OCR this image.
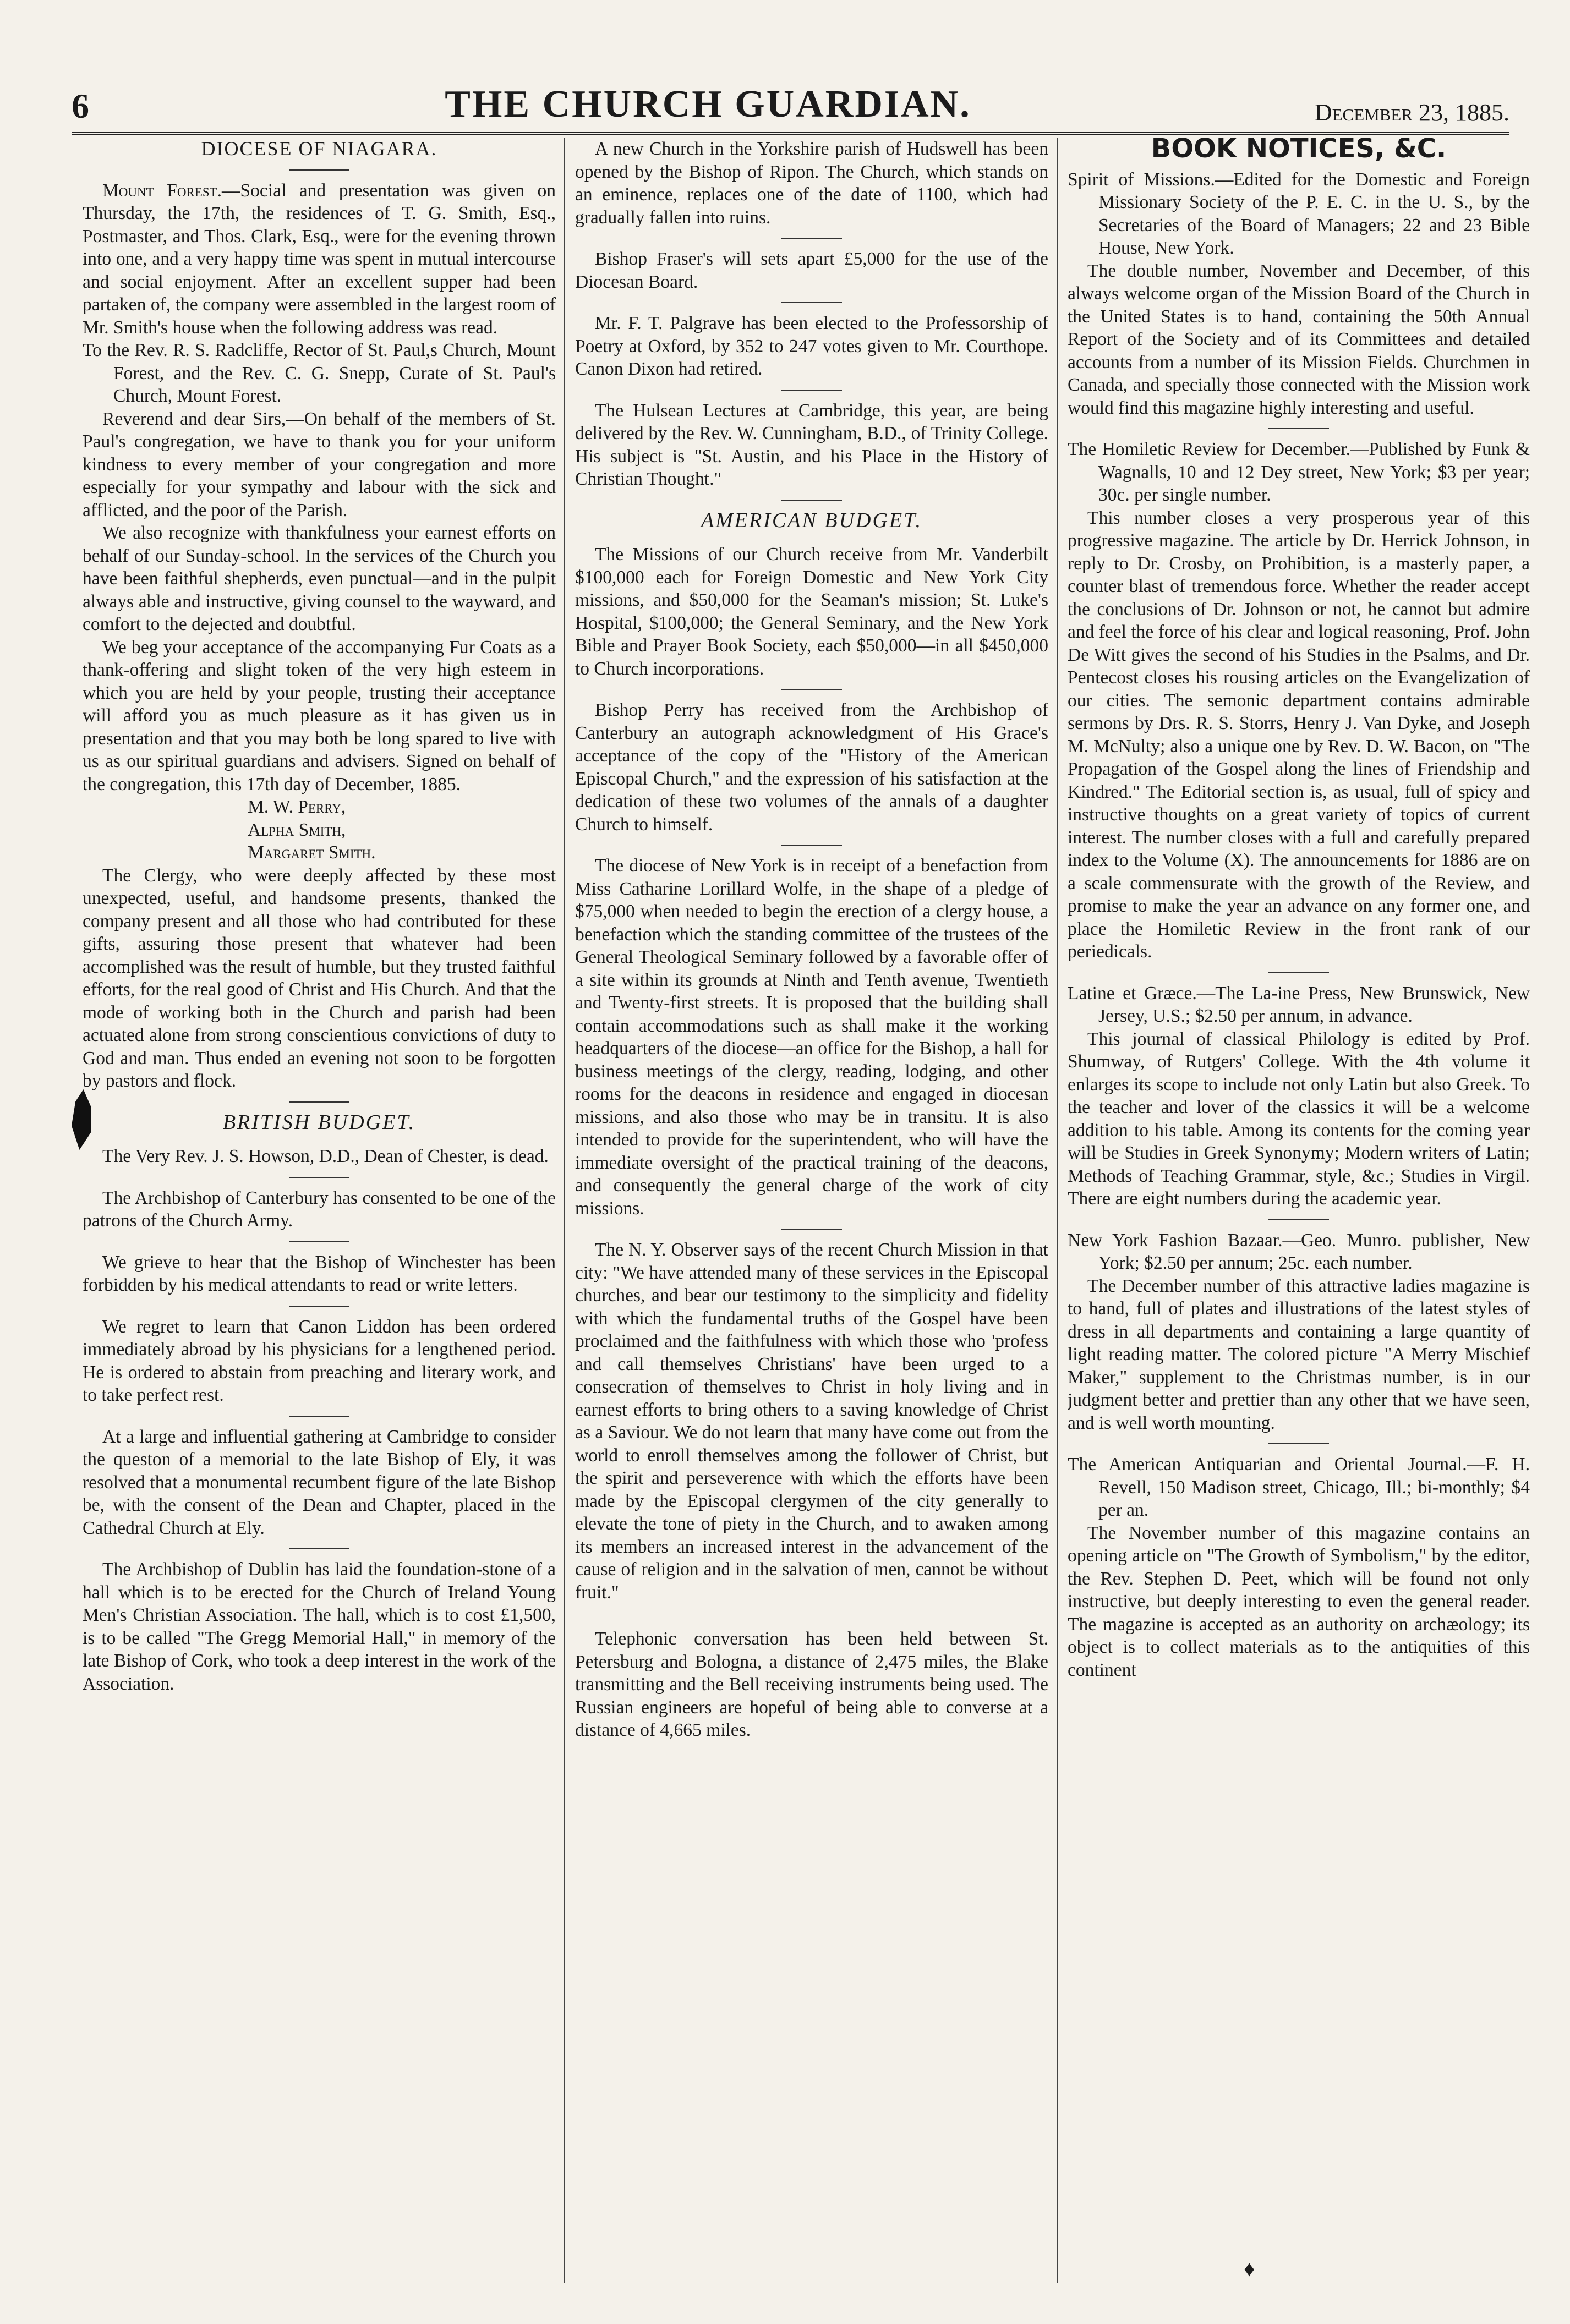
6	THE CHURCH GUARDIAN.	December 23, 1885.
DIOCESE OF NIAGARA.

Mount Forest.—Social and presentation was given on Thursday, the 17th, the residences of T. G. Smith, Esq., Postmaster, and Thos. Clark, Esq., were for the evening thrown into one, and a very happy time was spent in mutual intercourse and social enjoyment. After an excellent supper had been partaken of, the company were assembled in the largest room of Mr. Smith's house when the following address was read.

To the Rev. R. S. Radcliffe, Rector of St. Paul,s Church, Mount Forest, and the Rev. C. G. Snepp, Curate of St. Paul's Church, Mount Forest.

Reverend and dear Sirs,—On behalf of the members of St. Paul's congregation, we have to thank you for your uniform kindness to every member of your congregation and more especially for your sympathy and labour with the sick and afflicted, and the poor of the Parish.

We also recognize with thankfulness your earnest efforts on behalf of our Sunday-school. In the services of the Church you have been faithful shepherds, even punctual—and in the pulpit always able and instructive, giving counsel to the wayward, and comfort to the dejected and doubtful.

We beg your acceptance of the accompanying Fur Coats as a thank-offering and slight token of the very high esteem in which you are held by your people, trusting their acceptance will afford you as much pleasure as it has given us in presentation and that you may both be long spared to live with us as our spiritual guardians and advisers. Signed on behalf of the congregation, this 17th day of December, 1885.

M. W. Perry,

Alpha Smith,

Margaret Smith.

The Clergy, who were deeply affected by these most unexpected, useful, and handsome presents, thanked the company present and all those who had contributed for these gifts, assuring those present that whatever had been accomplished was the result of humble, but they trusted faithful efforts, for the real good of Christ and His Church. And that the mode of working both in the Church and parish had been actuated alone from strong conscientious convictions of duty to God and man. Thus ended an evening not soon to be forgotten by pastors and flock.

BRITISH BUDGET.

The Very Rev. J. S. Howson, D.D., Dean of Chester, is dead.

The Archbishop of Canterbury has consented to be one of the patrons of the Church Army.

We grieve to hear that the Bishop of Winchester has been forbidden by his medical attendants to read or write letters.

We regret to learn that Canon Liddon has been ordered immediately abroad by his physicians for a lengthened period. He is ordered to abstain from preaching and literary work, and to take perfect rest.

At a large and influential gathering at Cambridge to consider the queston of a memorial to the late Bishop of Ely, it was resolved that a monumental recumbent figure of the late Bishop be, with the consent of the Dean and Chapter, placed in the Cathedral Church at Ely.

The Archbishop of Dublin has laid the foundation-stone of a hall which is to be erected for the Church of Ireland Young Men's Christian Association. The hall, which is to cost £1,500, is to be called "The Gregg Memorial Hall," in memory of the late Bishop of Cork, who took a deep interest in the work of the Association.

A new Church in the Yorkshire parish of Hudswell has been opened by the Bishop of Ripon. The Church, which stands on an eminence, replaces one of the date of 1100, which had gradually fallen into ruins.

Bishop Fraser's will sets apart £5,000 for the use of the Diocesan Board.

Mr. F. T. Palgrave has been elected to the Professorship of Poetry at Oxford, by 352 to 247 votes given to Mr. Courthope. Canon Dixon had retired.

The Hulsean Lectures at Cambridge, this year, are being delivered by the Rev. W. Cunningham, B.D., of Trinity College. His subject is "St. Austin, and his Place in the History of Christian Thought."

AMERICAN BUDGET.

The Missions of our Church receive from Mr. Vanderbilt $100,000 each for Foreign Domestic and New York City missions, and $50,000 for the Seaman's mission; St. Luke's Hospital, $100,000; the General Seminary, and the New York Bible and Prayer Book Society, each $50,000—in all $450,000 to Church incorporations.

Bishop Perry has received from the Archbishop of Canterbury an autograph acknowledgment of His Grace's acceptance of the copy of the "History of the American Episcopal Church," and the expression of his satisfaction at the dedication of these two volumes of the annals of a daughter Church to himself.

The diocese of New York is in receipt of a benefaction from Miss Catharine Lorillard Wolfe, in the shape of a pledge of $75,000 when needed to begin the erection of a clergy house, a benefaction which the standing committee of the trustees of the General Theological Seminary followed by a favorable offer of a site within its grounds at Ninth and Tenth avenue, Twentieth and Twenty-first streets. It is proposed that the building shall contain accommodations such as shall make it the working headquarters of the diocese—an office for the Bishop, a hall for business meetings of the clergy, reading, lodging, and other rooms for the deacons in residence and engaged in diocesan missions, and also those who may be in transitu. It is also intended to provide for the superintendent, who will have the immediate oversight of the practical training of the deacons, and consequently the general charge of the work of city missions.

The N. Y. Observer says of the recent Church Mission in that city: "We have attended many of these services in the Episcopal churches, and bear our testimony to the simplicity and fidelity with which the fundamental truths of the Gospel have been proclaimed and the faithfulness with which those who 'profess and call themselves Christians' have been urged to a consecration of themselves to Christ in holy living and in earnest efforts to bring others to a saving knowledge of Christ as a Saviour. We do not learn that many have come out from the world to enroll themselves among the follower of Christ, but the spirit and perseverence with which the efforts have been made by the Episcopal clergymen of the city generally to elevate the tone of piety in the Church, and to awaken among its members an increased interest in the advancement of the cause of religion and in the salvation of men, cannot be without fruit."

Telephonic conversation has been held between St. Petersburg and Bologna, a distance of 2,475 miles, the Blake transmitting and the Bell receiving instruments being used. The Russian engineers are hopeful of being able to converse at a distance of 4,665 miles.

BOOK NOTICES, &C.

Spirit of Missions.—Edited for the Domestic and Foreign Missionary Society of the P. E. C. in the U. S., by the Secretaries of the Board of Managers; 22 and 23 Bible House, New York.

The double number, November and December, of this always welcome organ of the Mission Board of the Church in the United States is to hand, containing the 50th Annual Report of the Society and of its Committees and detailed accounts from a number of its Mission Fields. Churchmen in Canada, and specially those connected with the Mission work would find this magazine highly interesting and useful.

The Homiletic Review for December.—Published by Funk & Wagnalls, 10 and 12 Dey street, New York; $3 per year; 30c. per single number.

This number closes a very prosperous year of this progressive magazine. The article by Dr. Herrick Johnson, in reply to Dr. Crosby, on Prohibition, is a masterly paper, a counter blast of tremendous force. Whether the reader accept the conclusions of Dr. Johnson or not, he cannot but admire and feel the force of his clear and logical reasoning, Prof. John De Witt gives the second of his Studies in the Psalms, and Dr. Pentecost closes his rousing articles on the Evangelization of our cities. The semonic department contains admirable sermons by Drs. R. S. Storrs, Henry J. Van Dyke, and Joseph M. McNulty; also a unique one by Rev. D. W. Bacon, on "The Propagation of the Gospel along the lines of Friendship and Kindred." The Editorial section is, as usual, full of spicy and instructive thoughts on a great variety of topics of current interest. The number closes with a full and carefully prepared index to the Volume (X). The announcements for 1886 are on a scale commensurate with the growth of the Review, and promise to make the year an advance on any former one, and place the Homiletic Review in the front rank of our periedicals.

Latine et Græce.—The La-ine Press, New Brunswick, New Jersey, U.S.; $2.50 per annum, in advance.

This journal of classical Philology is edited by Prof. Shumway, of Rutgers' College. With the 4th volume it enlarges its scope to include not only Latin but also Greek. To the teacher and lover of the classics it will be a welcome addition to his table. Among its contents for the coming year will be Studies in Greek Synonymy; Modern writers of Latin; Methods of Teaching Grammar, style, &c.; Studies in Virgil. There are eight numbers during the academic year.

New York Fashion Bazaar.—Geo. Munro. publisher, New York; $2.50 per annum; 25c. each number.

The December number of this attractive ladies magazine is to hand, full of plates and illustrations of the latest styles of dress in all departments and containing a large quantity of light reading matter. The colored picture "A Merry Mischief Maker," supplement to the Christmas number, is in our judgment better and prettier than any other that we have seen, and is well worth mounting.

The American Antiquarian and Oriental Journal.—F. H. Revell, 150 Madison street, Chicago, Ill.; bi-monthly; $4 per an.

The November number of this magazine contains an opening article on "The Growth of Symbolism," by the editor, the Rev. Stephen D. Peet, which will be found not only instructive, but deeply interesting to even the general reader. The magazine is accepted as an authority on archæology; its object is to collect materials as to the antiquities of this continent

♦
